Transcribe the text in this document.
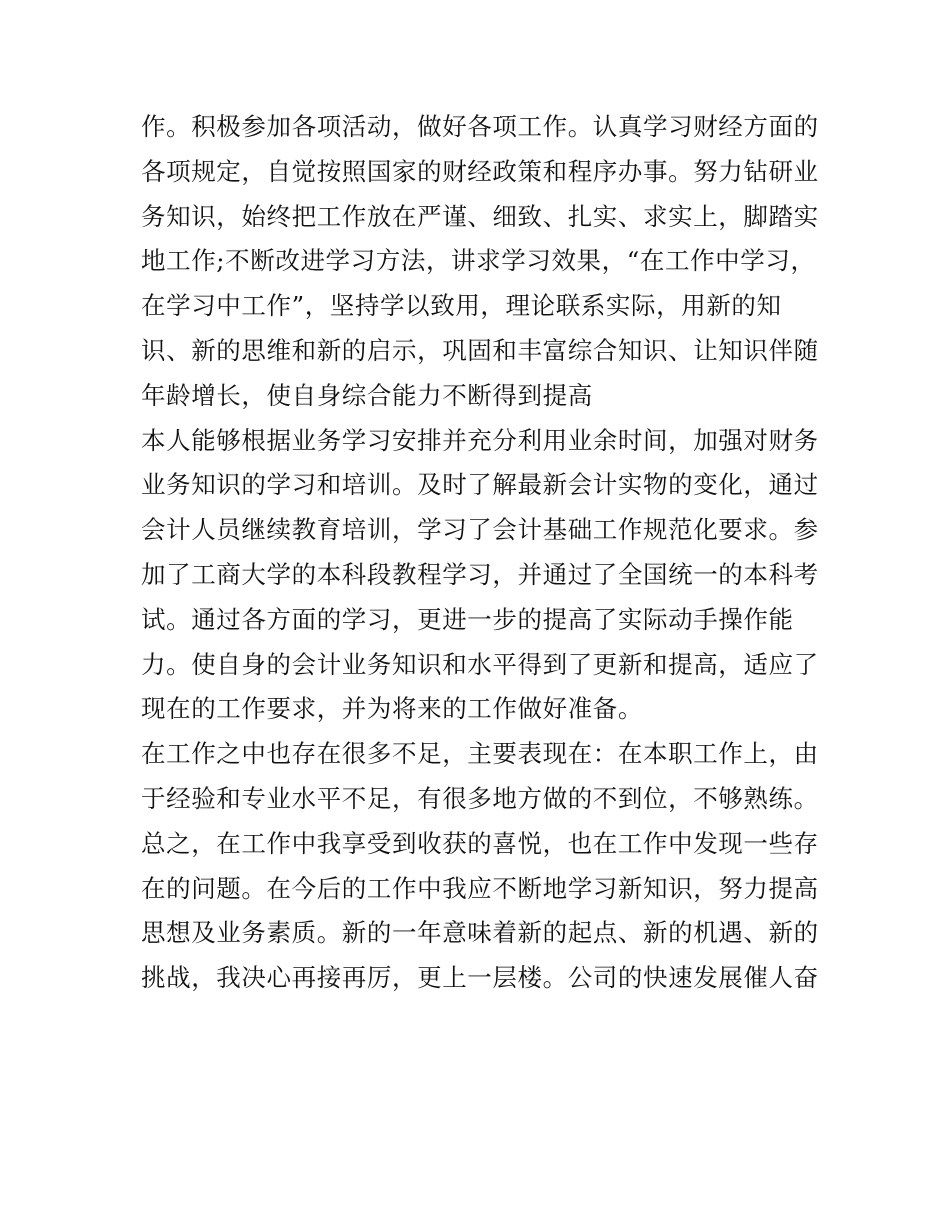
作。积极参加各项活动，做好各项工作。认真学习财经方面的
各项规定，自觉按照国家的财经政策和程序办事。努力钻研业
务知识，始终把工作放在严谨、细致、扎实、求实上，脚踏实
地工作;不断改进学习方法，讲求学习效果，“在工作中学习，
在学习中工作”，坚持学以致用，理论联系实际，用新的知
识、新的思维和新的启示，巩固和丰富综合知识、让知识伴随
年龄增长，使自身综合能力不断得到提高
本人能够根据业务学习安排并充分利用业余时间，加强对财务
业务知识的学习和培训。及时了解最新会计实物的变化，通过
会计人员继续教育培训，学习了会计基础工作规范化要求。参
加了工商大学的本科段教程学习，并通过了全国统一的本科考
试。通过各方面的学习，更进一步的提高了实际动手操作能
力。使自身的会计业务知识和水平得到了更新和提高，适应了
现在的工作要求，并为将来的工作做好准备。
在工作之中也存在很多不足，主要表现在：在本职工作上，由
于经验和专业水平不足，有很多地方做的不到位，不够熟练。
总之，在工作中我享受到收获的喜悦，也在工作中发现一些存
在的问题。在今后的工作中我应不断地学习新知识，努力提高
思想及业务素质。新的一年意味着新的起点、新的机遇、新的
挑战，我决心再接再厉，更上一层楼。公司的快速发展催人奋
